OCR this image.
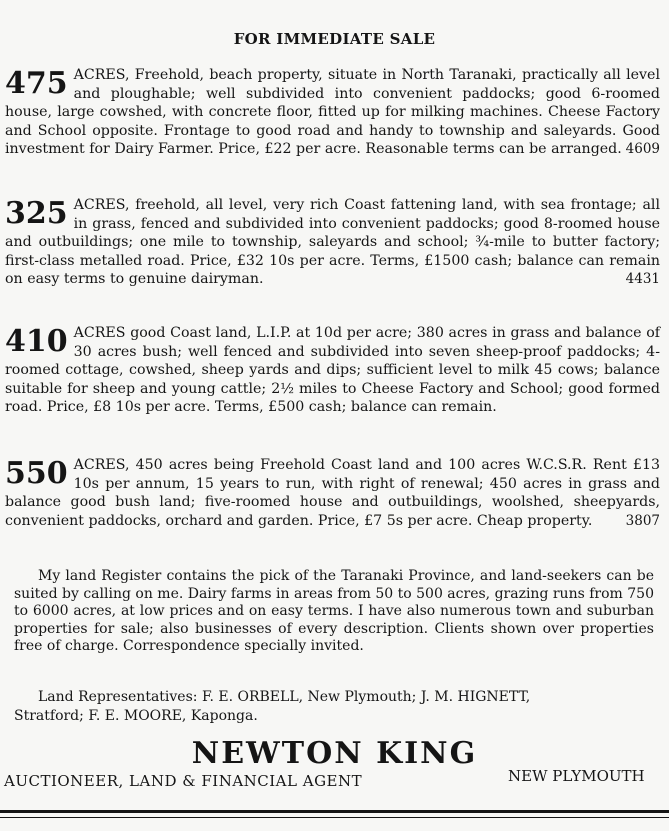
FOR IMMEDIATE SALE
475 ACRES, Freehold, beach property, situate in North Taranaki, practically all level and ploughable; well subdivided into convenient paddocks; good 6-roomed house, large cowshed, with concrete floor, fitted up for milking machines. Cheese Factory and School opposite. Frontage to good road and handy to township and saleyards. Good investment for Dairy Farmer. Price, £22 per acre. Reasonable terms can be arranged. 4609
325 ACRES, freehold, all level, very rich Coast fattening land, with sea frontage; all in grass, fenced and subdivided into convenient paddocks; good 8-roomed house and outbuildings; one mile to township, saleyards and school; ¾-mile to butter factory; first-class metalled road. Price, £32 10s per acre. Terms, £1500 cash; balance can remain on easy terms to genuine dairyman.	4431
410 ACRES good Coast land, L.I.P. at 10d per acre; 380 acres in grass and balance of 30 acres bush; well fenced and subdivided into seven sheep-proof paddocks; 4-roomed cottage, cowshed, sheep yards and dips; sufficient level to milk 45 cows; balance suitable for sheep and young cattle; 2½ miles to Cheese Factory and School; good formed road. Price, £8 10s per acre. Terms, £500 cash; balance can remain.
550 ACRES, 450 acres being Freehold Coast land and 100 acres W.C.S.R. Rent £13 10s per annum, 15 years to run, with right of renewal; 450 acres in grass and balance good bush land; five-roomed house and outbuildings, woolshed, sheepyards, convenient paddocks, orchard and garden. Price, £7 5s per acre. Cheap property. 3807
My land Register contains the pick of the Taranaki Province, and land-seekers can be suited by calling on me. Dairy farms in areas from 50 to 500 acres, grazing runs from 750 to 6000 acres, at low prices and on easy terms. I have also numerous town and suburban properties for sale; also businesses of every description. Clients shown over properties free of charge. Correspondence specially invited.
Land Representatives: F. E. ORBELL, New Plymouth; J. M. HIGNETT,
Stratford; F. E. MOORE, Kaponga.
NEWTON KING
AUCTIONEER, LAND & FINANCIAL AGENT	NEW PLYMOUTH
